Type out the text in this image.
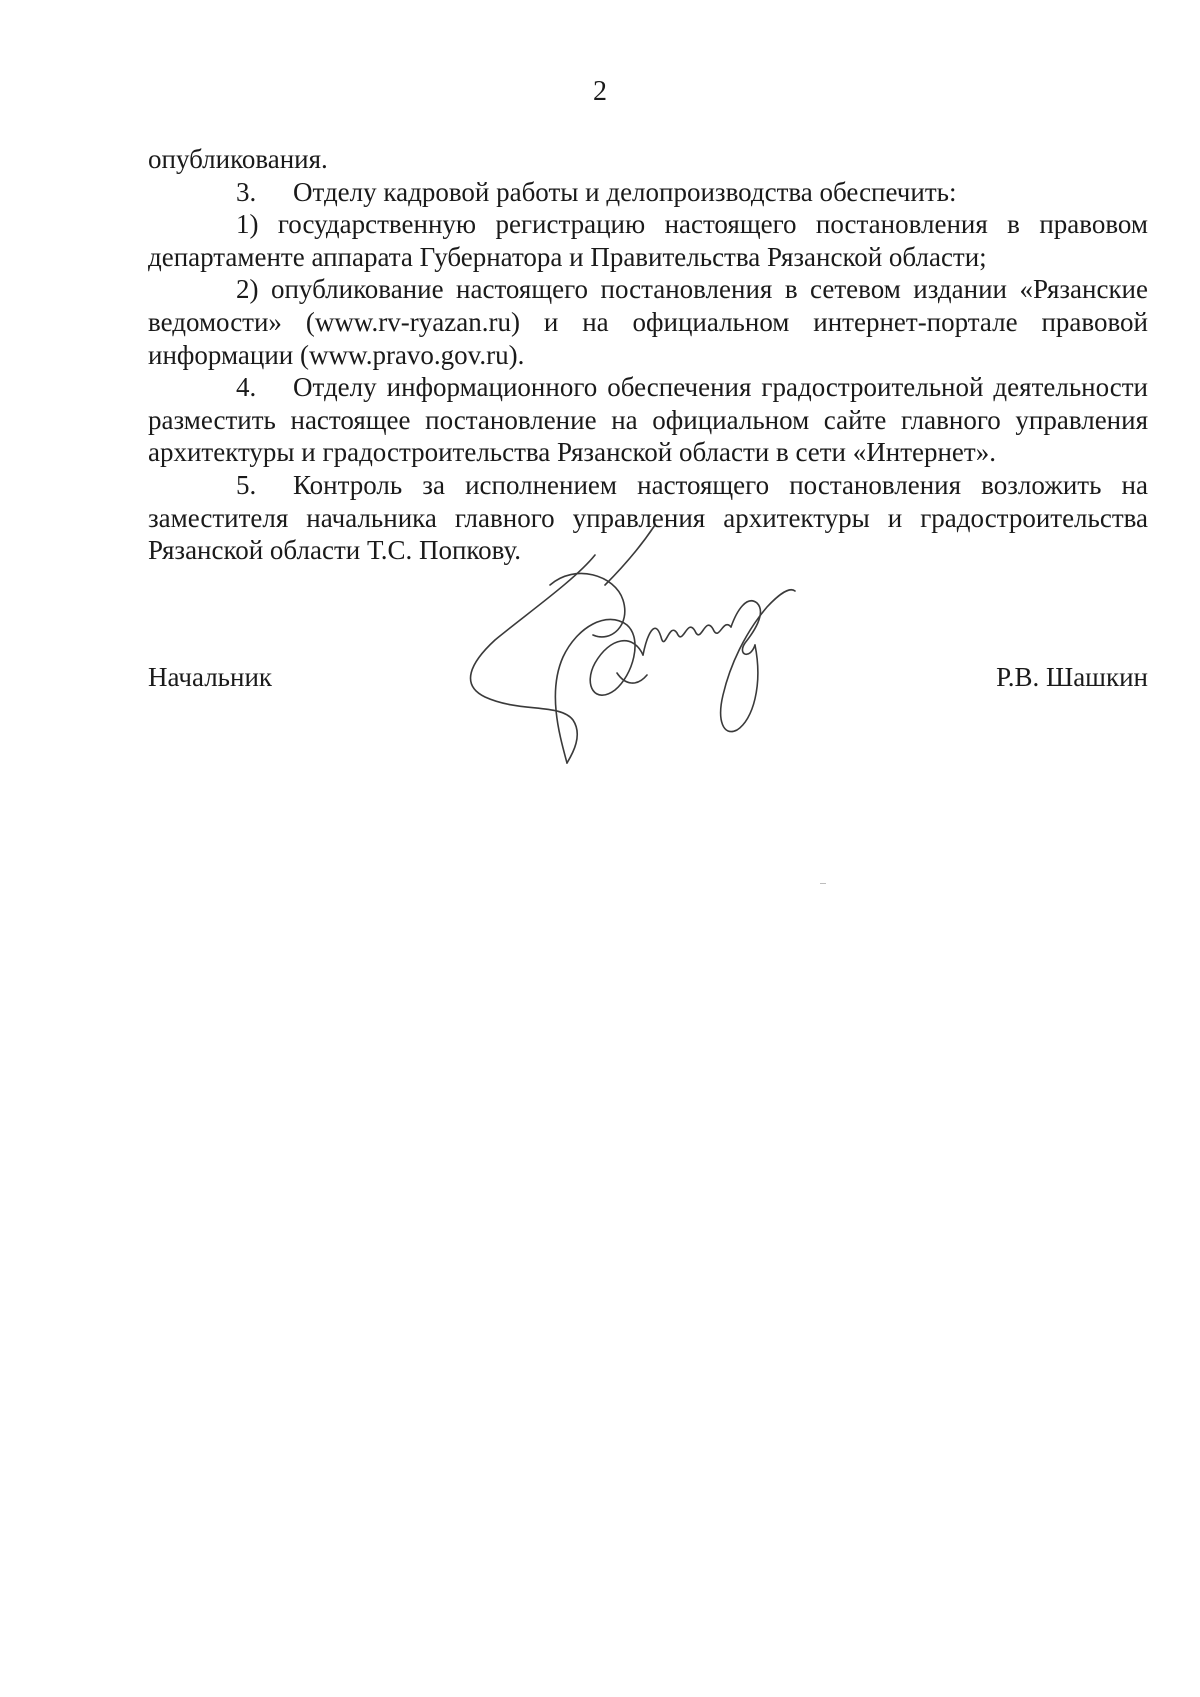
2

опубликования.

3. Отделу кадровой работы и делопроизводства обеспечить:

1) государственную регистрацию настоящего постановления в правовом департаменте аппарата Губернатора и Правительства Рязанской области;

2) опубликование настоящего постановления в сетевом издании «Рязанские ведомости» (www.rv-ryazan.ru) и на официальном интернет-портале правовой информации (www.pravo.gov.ru).

4. Отделу информационного обеспечения градостроительной деятельности разместить настоящее постановление на официальном сайте главного управления архитектуры и градостроительства Рязанской области в сети «Интернет».

5. Контроль за исполнением настоящего постановления возложить на заместителя начальника главного управления архитектуры и градостроительства Рязанской области Т.С. Попкову.

Начальник	Р.В. Шашкин
